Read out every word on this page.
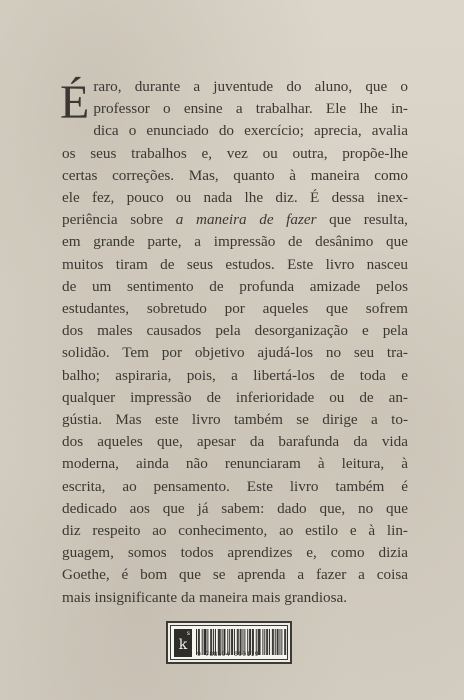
É raro, durante a juventude do aluno, que o
professor o ensine a trabalhar. Ele lhe in-
dica o enunciado do exercício; aprecia, avalia
os seus trabalhos e, vez ou outra, propõe-lhe
certas correções. Mas, quanto à maneira como
ele fez, pouco ou nada lhe diz. É dessa inex-
periência sobre a maneira de fazer que resulta,
em grande parte, a impressão de desânimo que
muitos tiram de seus estudos. Este livro nasceu
de um sentimento de profunda amizade pelos
estudantes, sobretudo por aqueles que sofrem
dos males causados pela desorganização e pela
solidão. Tem por objetivo ajudá-los no seu tra-
balho; aspiraria, pois, a libertá-los de toda e
qualquer impressão de inferioridade ou de an-
gústia. Mas este livro também se dirige a to-
dos aqueles que, apesar da barafunda da vida
moderna, ainda não renunciaram à leitura, à
escrita, ao pensamento. Este livro também é
dedicado aos que já sabem: dado que, no que
diz respeito ao conhecimento, ao estilo e à lin-
guagem, somos todos aprendizes e, como dizia
Goethe, é bom que se aprenda a fazer a coisa
mais insignificante da maneira mais grandiosa.
k
s
9 788594 090119
